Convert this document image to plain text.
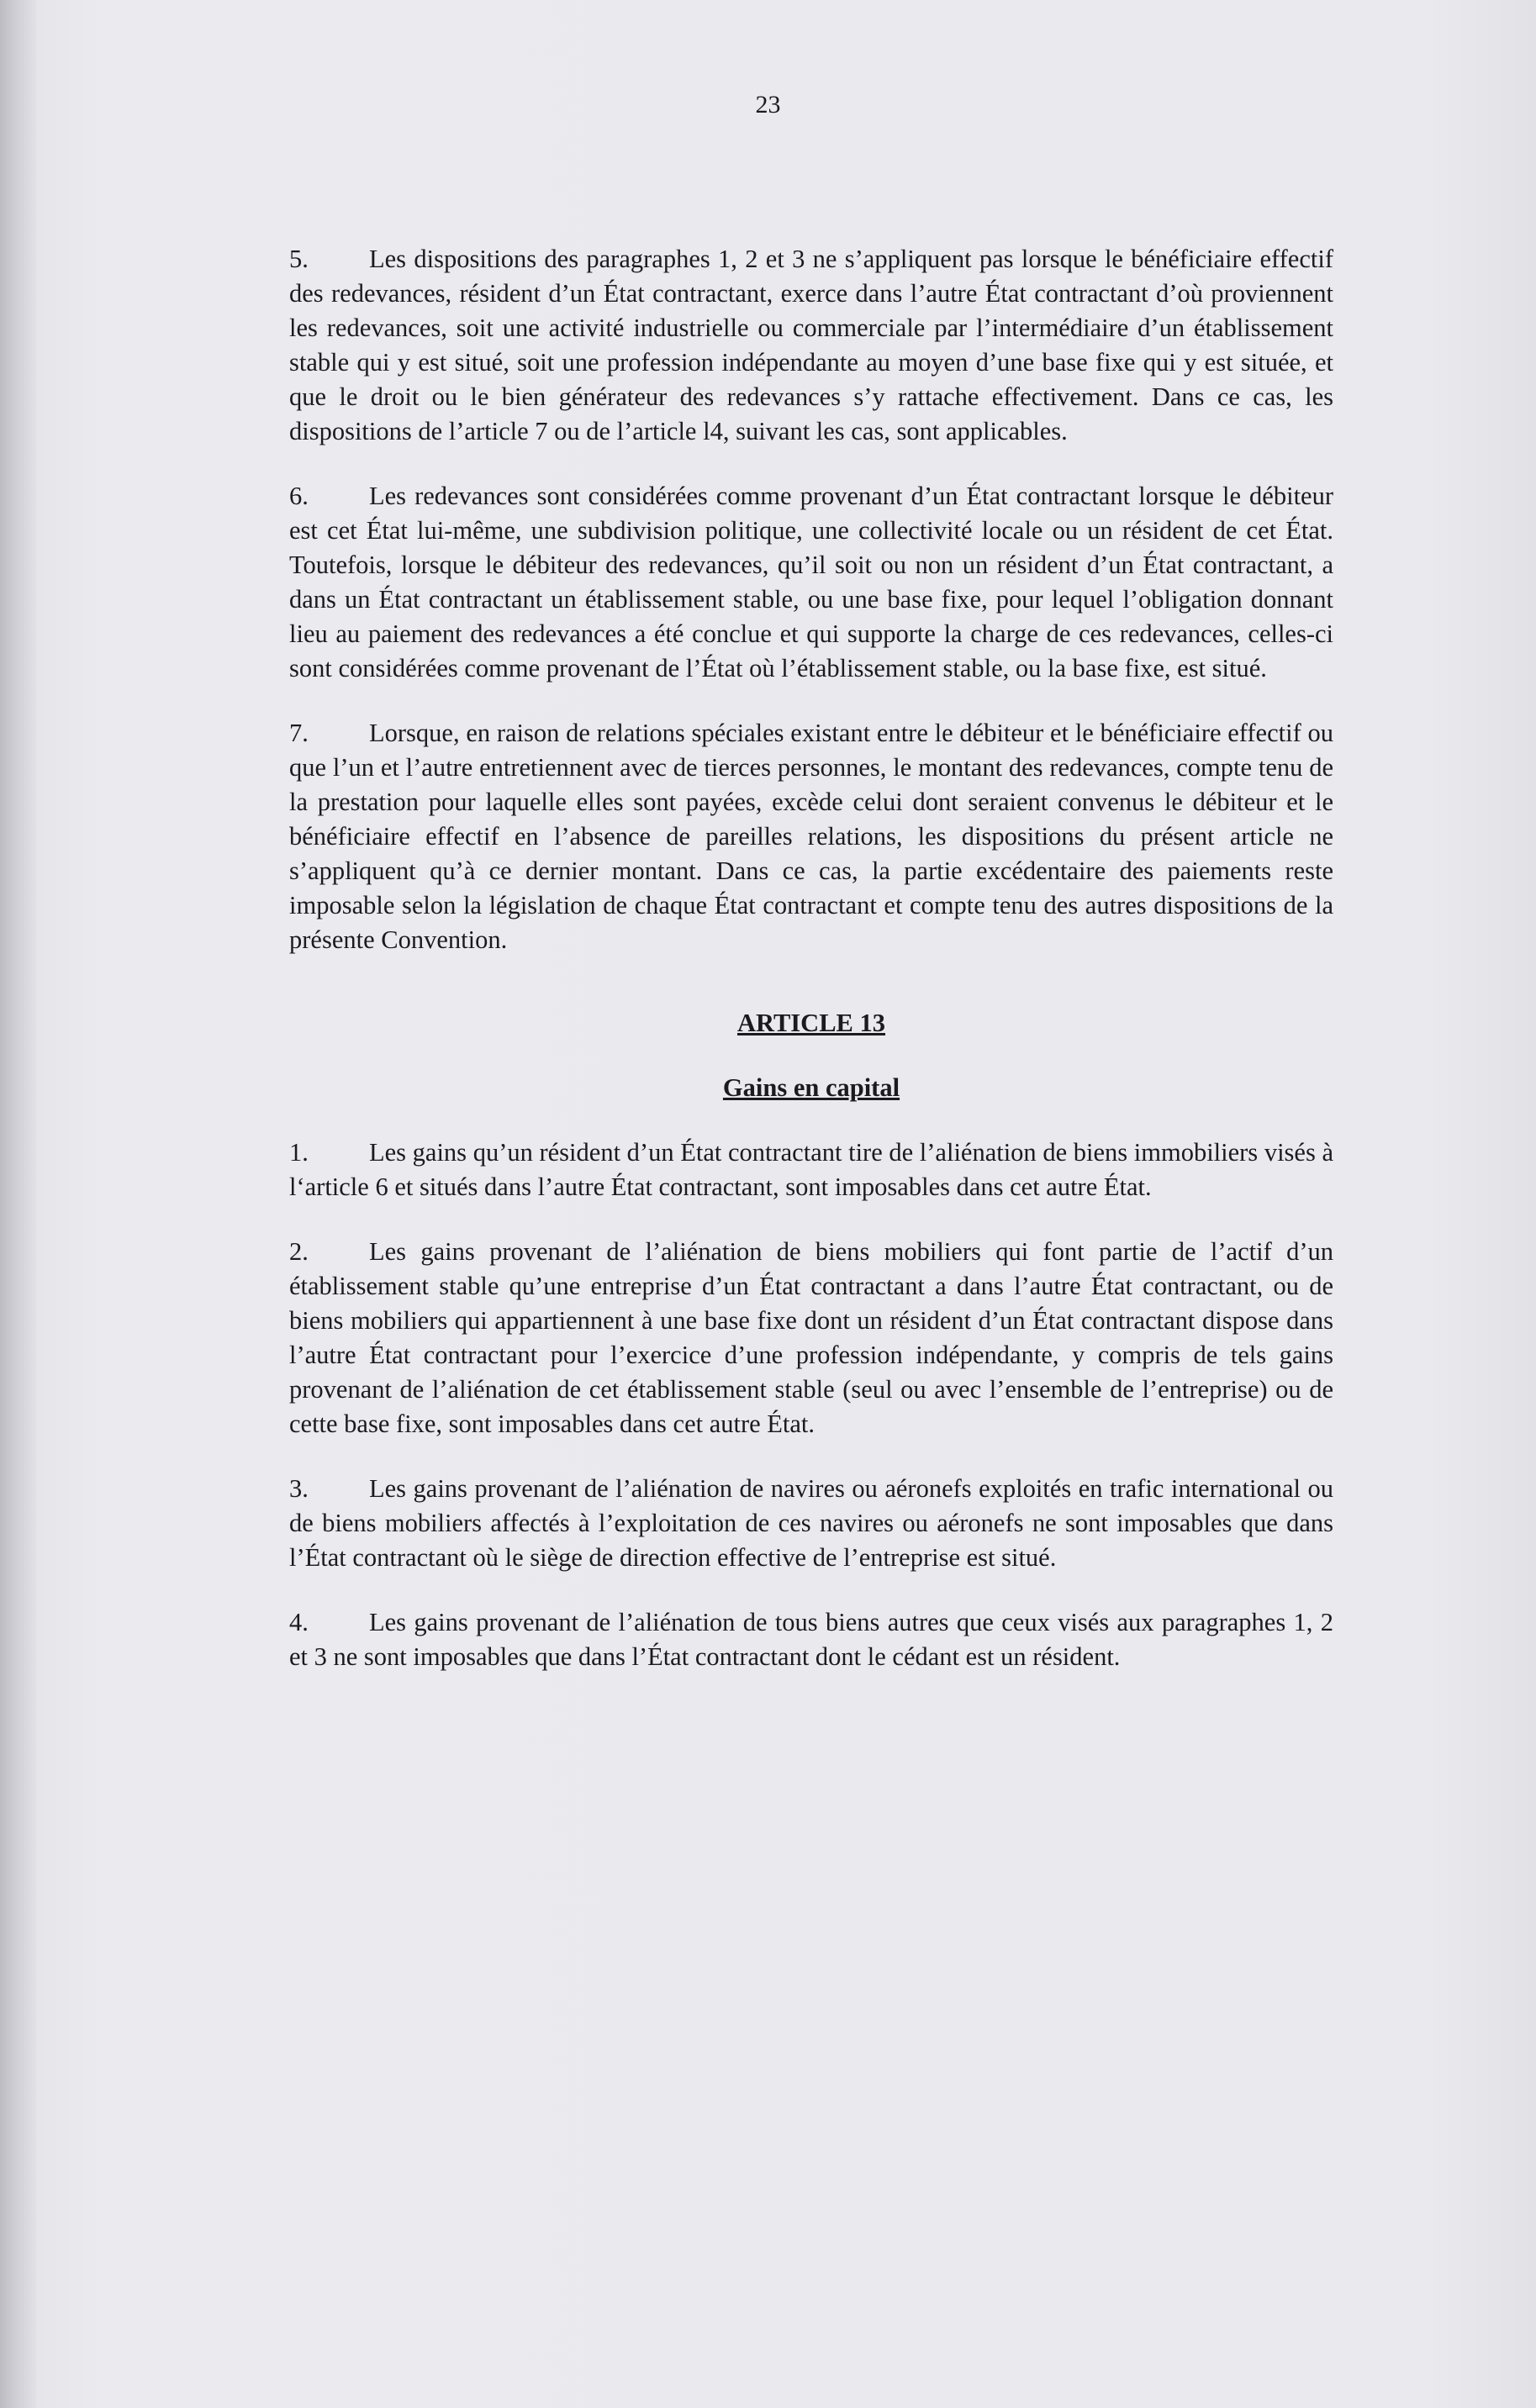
23

5. Les dispositions des paragraphes 1, 2 et 3 ne s’appliquent pas lorsque le bénéficiaire effectif des redevances, résident d’un État contractant, exerce dans l’autre État contractant d’où proviennent les redevances, soit une activité industrielle ou commerciale par l’intermédiaire d’un établissement stable qui y est situé, soit une profession indépendante au moyen d’une base fixe qui y est située, et que le droit ou le bien générateur des redevances s’y rattache effectivement. Dans ce cas, les dispositions de l’article 7 ou de l’article l4, suivant les cas, sont applicables.

6. Les redevances sont considérées comme provenant d’un État contractant lorsque le débiteur est cet État lui-même, une subdivision politique, une collectivité locale ou un résident de cet État. Toutefois, lorsque le débiteur des redevances, qu’il soit ou non un résident d’un État contractant, a dans un État contractant un établissement stable, ou une base fixe, pour lequel l’obligation donnant lieu au paiement des redevances a été conclue et qui supporte la charge de ces redevances, celles-ci sont considérées comme provenant de l’État où l’établissement stable, ou la base fixe, est situé.

7. Lorsque, en raison de relations spéciales existant entre le débiteur et le bénéficiaire effectif ou que l’un et l’autre entretiennent avec de tierces personnes, le montant des redevances, compte tenu de la prestation pour laquelle elles sont payées, excède celui dont seraient convenus le débiteur et le bénéficiaire effectif en l’absence de pareilles relations, les dispositions du présent article ne s’appliquent qu’à ce dernier montant. Dans ce cas, la partie excédentaire des paiements reste imposable selon la législation de chaque État contractant et compte tenu des autres dispositions de la présente Convention.

ARTICLE 13
Gains en capital

1. Les gains qu’un résident d’un État contractant tire de l’aliénation de biens immobiliers visés à l‘article 6 et situés dans l’autre État contractant, sont imposables dans cet autre État.

2. Les gains provenant de l’aliénation de biens mobiliers qui font partie de l’actif d’un établissement stable qu’une entreprise d’un État contractant a dans l’autre État contractant, ou de biens mobiliers qui appartiennent à une base fixe dont un résident d’un État contractant dispose dans l’autre État contractant pour l’exercice d’une profession indépendante, y compris de tels gains provenant de l’aliénation de cet établissement stable (seul ou avec l’ensemble de l’entreprise) ou de cette base fixe, sont imposables dans cet autre État.

3. Les gains provenant de l’aliénation de navires ou aéronefs exploités en trafic international ou de biens mobiliers affectés à l’exploitation de ces navires ou aéronefs ne sont imposables que dans l’État contractant où le siège de direction effective de l’entreprise est situé.

4. Les gains provenant de l’aliénation de tous biens autres que ceux visés aux paragraphes 1, 2 et 3 ne sont imposables que dans l’État contractant dont le cédant est un résident.
